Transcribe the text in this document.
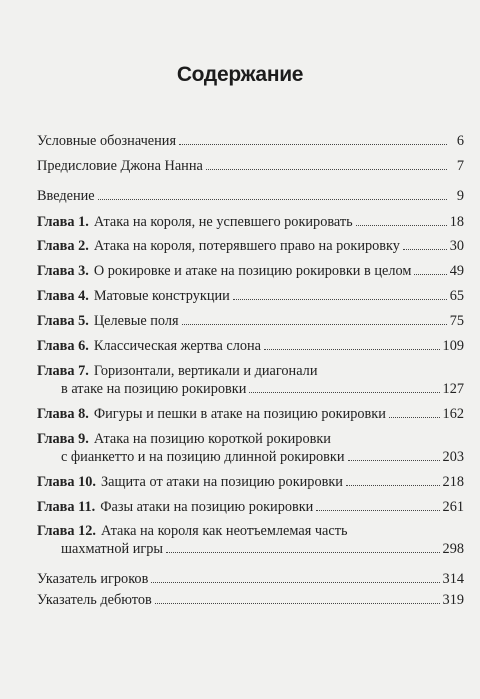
Содержание
Условные обозначения	6
Предисловие Джона Нанна	7
Введение	9
Глава 1. Атака на короля, не успевшего рокировать	18
Глава 2. Атака на короля, потерявшего право на рокировку	30
Глава 3. О рокировке и атаке на позицию рокировки в целом	49
Глава 4. Матовые конструкции	65
Глава 5. Целевые поля	75
Глава 6. Классическая жертва слона	109
Глава 7. Горизонтали, вертикали и диагонали
в атаке на позицию рокировки	127
Глава 8. Фигуры и пешки в атаке на позицию рокировки	162
Глава 9. Атака на позицию короткой рокировки
с фианкетто и на позицию длинной рокировки	203
Глава 10. Защита от атаки на позицию рокировки	218
Глава 11. Фазы атаки на позицию рокировки	261
Глава 12. Атака на короля как неотъемлемая часть
шахматной игры	298
Указатель игроков	314
Указатель дебютов	319
